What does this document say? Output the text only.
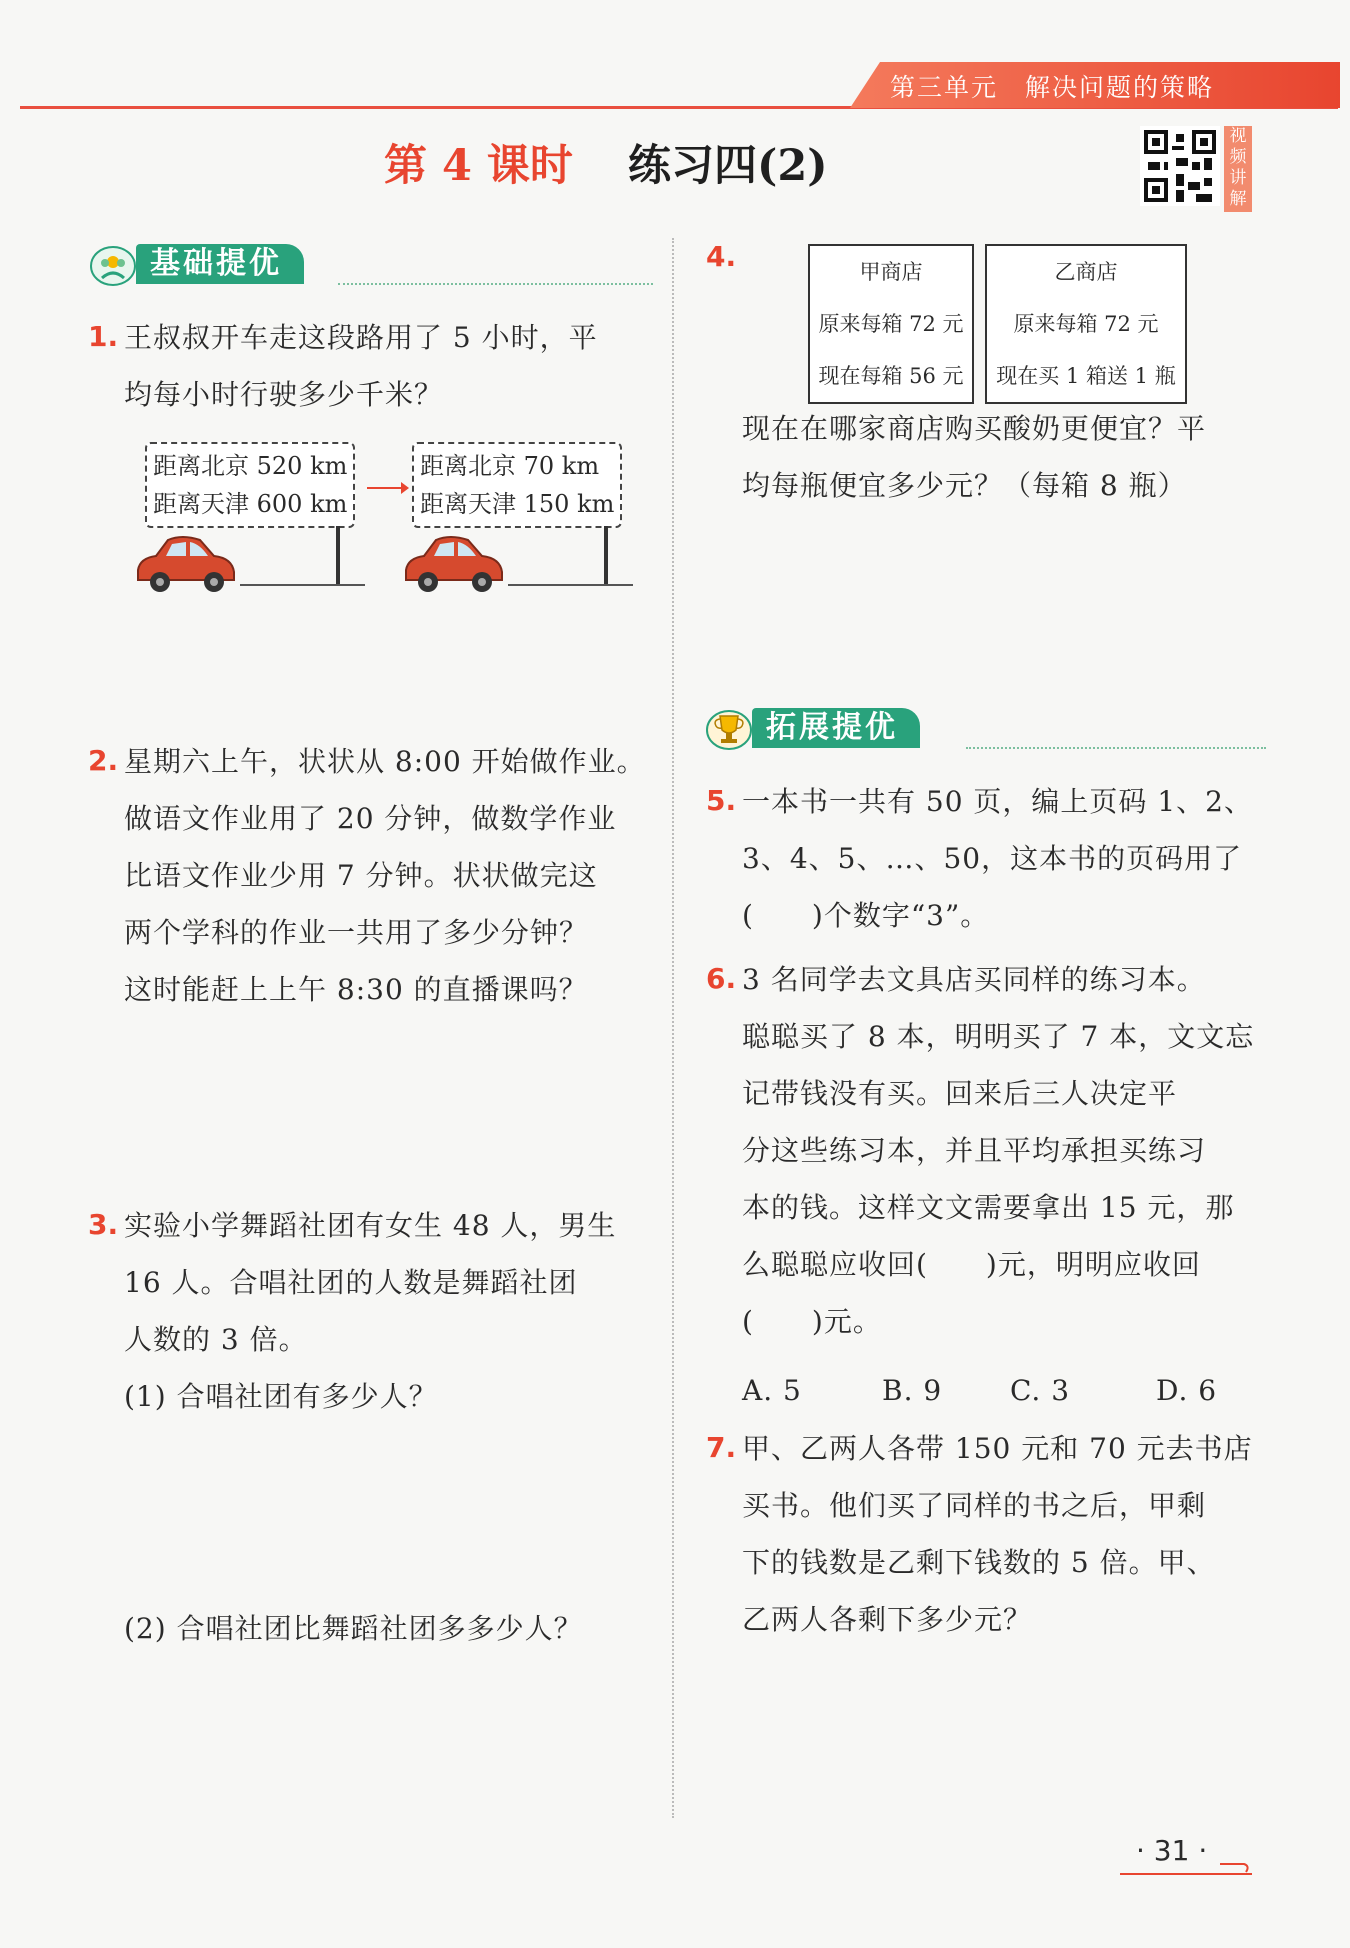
第三单元　解决问题的策略
第 4 课时 练习四(2)
视频讲解
基础提优
1. 王叔叔开车走这段路用了 5 小时，平
均每小时行驶多少千米？
距离北京 520 km
距离天津 600 km
距离北京 70 km
距离天津 150 km
2. 星期六上午，状状从 8:00 开始做作业。
做语文作业用了 20 分钟，做数学作业
比语文作业少用 7 分钟。状状做完这
两个学科的作业一共用了多少分钟？
这时能赶上上午 8:30 的直播课吗？
3. 实验小学舞蹈社团有女生 48 人，男生
16 人。合唱社团的人数是舞蹈社团
人数的 3 倍。
(1) 合唱社团有多少人？
(2) 合唱社团比舞蹈社团多多少人？
4.	甲商店
原来每箱 72 元
现在每箱 56 元
乙商店
原来每箱 72 元
现在买 1 箱送 1 瓶
现在在哪家商店购买酸奶更便宜？平
均每瓶便宜多少元？（每箱 8 瓶）
拓展提优
5. 一本书一共有 50 页，编上页码 1、2、
3、4、5、…、50，这本书的页码用了
(　　)个数字“3”。
6. 3 名同学去文具店买同样的练习本。
聪聪买了 8 本，明明买了 7 本，文文忘
记带钱没有买。回来后三人决定平
分这些练习本，并且平均承担买练习
本的钱。这样文文需要拿出 15 元，那
么聪聪应收回(　　)元，明明应收回
(　　)元。
A. 5	B. 9 C. 3	D. 6
7. 甲、乙两人各带 150 元和 70 元去书店
买书。他们买了同样的书之后，甲剩
下的钱数是乙剩下钱数的 5 倍。甲、
乙两人各剩下多少元？
· 31 ·
